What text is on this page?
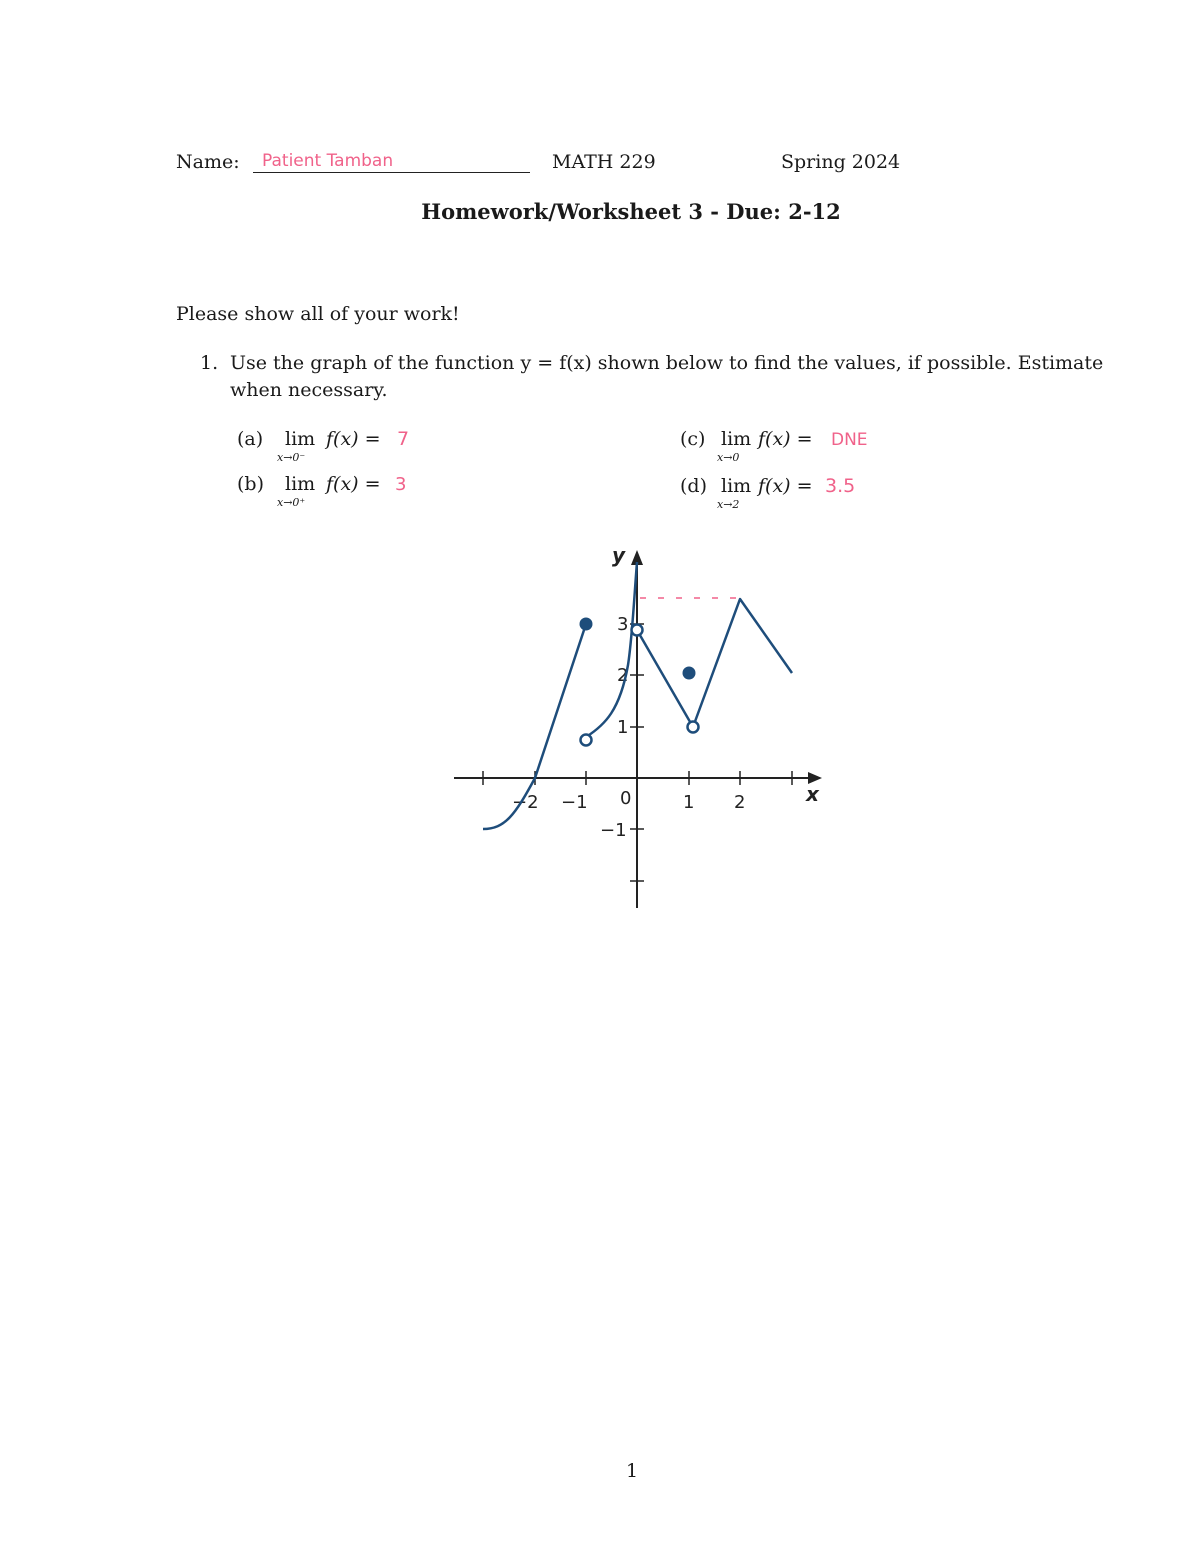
Name: Patient Tamban	MATH 229	Spring 2024
Homework/Worksheet 3 - Due: 2-12
Please show all of your work!
1. Use the graph of the function y = f(x) shown below to find the values, if possible. Estimate
when necessary.
(a) lim
x→0⁻
f(x) = 7
(b) lim
x→0⁺
f(x) = 3
(c) lim
x→0
f(x) = DNE
(d) lim
x→2
f(x) = 3.5
y
x
−2 −1 0	1 2
3
2
1
−1
1
